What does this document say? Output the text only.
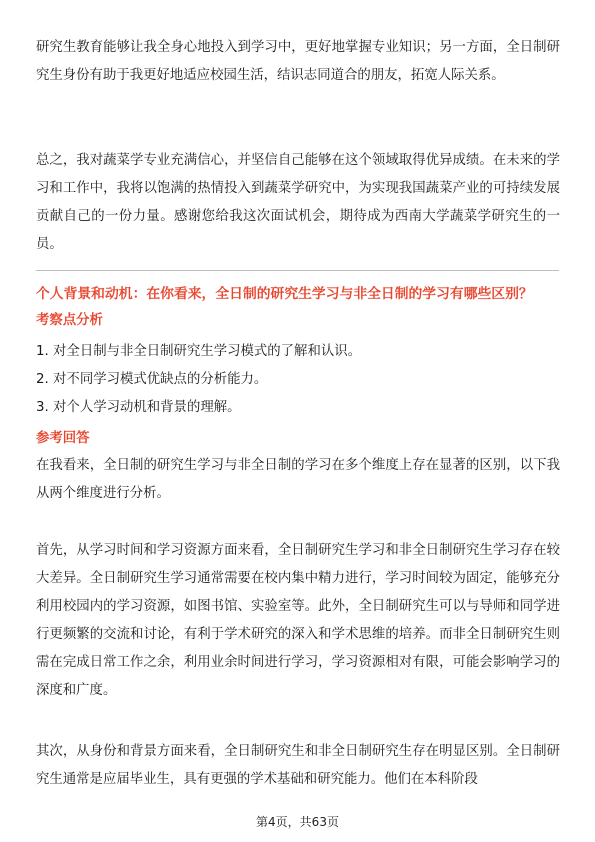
研究生教育能够让我全身心地投入到学习中，更好地掌握专业知识；另一方面，全日制研究生身份有助于我更好地适应校园生活，结识志同道合的朋友，拓宽人际关系。

总之，我对蔬菜学专业充满信心，并坚信自己能够在这个领域取得优异成绩。在未来的学习和工作中，我将以饱满的热情投入到蔬菜学研究中，为实现我国蔬菜产业的可持续发展贡献自己的一份力量。感谢您给我这次面试机会，期待成为西南大学蔬菜学研究生的一员。

个人背景和动机：在你看来，全日制的研究生学习与非全日制的学习有哪些区别？

考察点分析

1. 对全日制与非全日制研究生学习模式的了解和认识。
2. 对不同学习模式优缺点的分析能力。
3. 对个人学习动机和背景的理解。

参考回答

在我看来，全日制的研究生学习与非全日制的学习在多个维度上存在显著的区别，以下我从两个维度进行分析。

首先，从学习时间和学习资源方面来看，全日制研究生学习和非全日制研究生学习存在较大差异。全日制研究生学习通常需要在校内集中精力进行，学习时间较为固定，能够充分利用校园内的学习资源，如图书馆、实验室等。此外，全日制研究生可以与导师和同学进行更频繁的交流和讨论，有利于学术研究的深入和学术思维的培养。而非全日制研究生则需在完成日常工作之余，利用业余时间进行学习，学习资源相对有限，可能会影响学习的深度和广度。

其次，从身份和背景方面来看，全日制研究生和非全日制研究生存在明显区别。全日制研究生通常是应届毕业生，具有更强的学术基础和研究能力。他们在本科阶段

第4页，共63页
